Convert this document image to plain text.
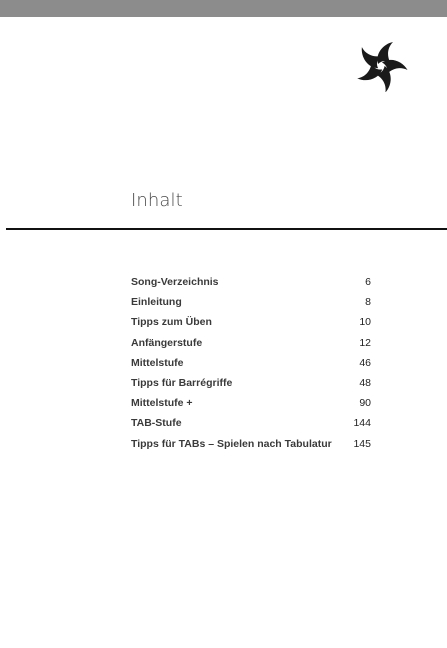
Inhalt
Song-Verzeichnis	6
Einleitung	8
Tipps zum Üben	10
Anfängerstufe	12
Mittelstufe	46
Tipps für Barrégriffe	48
Mittelstufe +	90
TAB-Stufe	144
Tipps für TABs – Spielen nach Tabulatur 145
